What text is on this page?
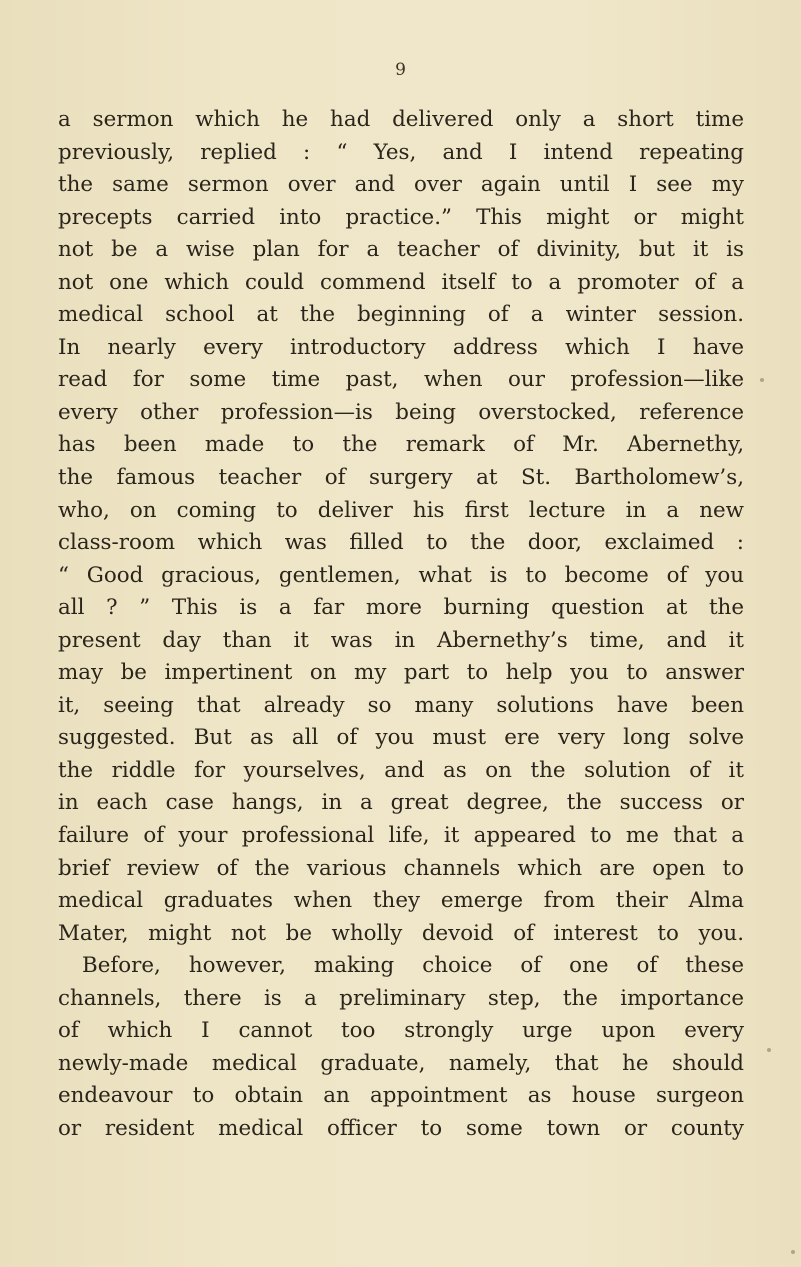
9
a sermon which he had delivered only a short time
previously, replied : “ Yes, and I intend repeating
the same sermon over and over again until I see my
precepts carried into practice.” This might or might
not be a wise plan for a teacher of divinity, but it is
not one which could commend itself to a promoter of a
medical school at the beginning of a winter session.
In nearly every introductory address which I have
read for some time past, when our profession—like
every other profession—is being overstocked, reference
has been made to the remark of Mr. Abernethy,
the famous teacher of surgery at St. Bartholomew’s,
who, on coming to deliver his first lecture in a new
class-room which was filled to the door, exclaimed :
“ Good gracious, gentlemen, what is to become of you
all ? ” This is a far more burning question at the
present day than it was in Abernethy’s time, and it
may be impertinent on my part to help you to answer
it, seeing that already so many solutions have been
suggested. But as all of you must ere very long solve
the riddle for yourselves, and as on the solution of it
in each case hangs, in a great degree, the success or
failure of your professional life, it appeared to me that a
brief review of the various channels which are open to
medical graduates when they emerge from their Alma
Mater, might not be wholly devoid of interest to you.
Before, however, making choice of one of these
channels, there is a preliminary step, the importance
of which I cannot too strongly urge upon every
newly-made medical graduate, namely, that he should
endeavour to obtain an appointment as house surgeon
or resident medical officer to some town or county
